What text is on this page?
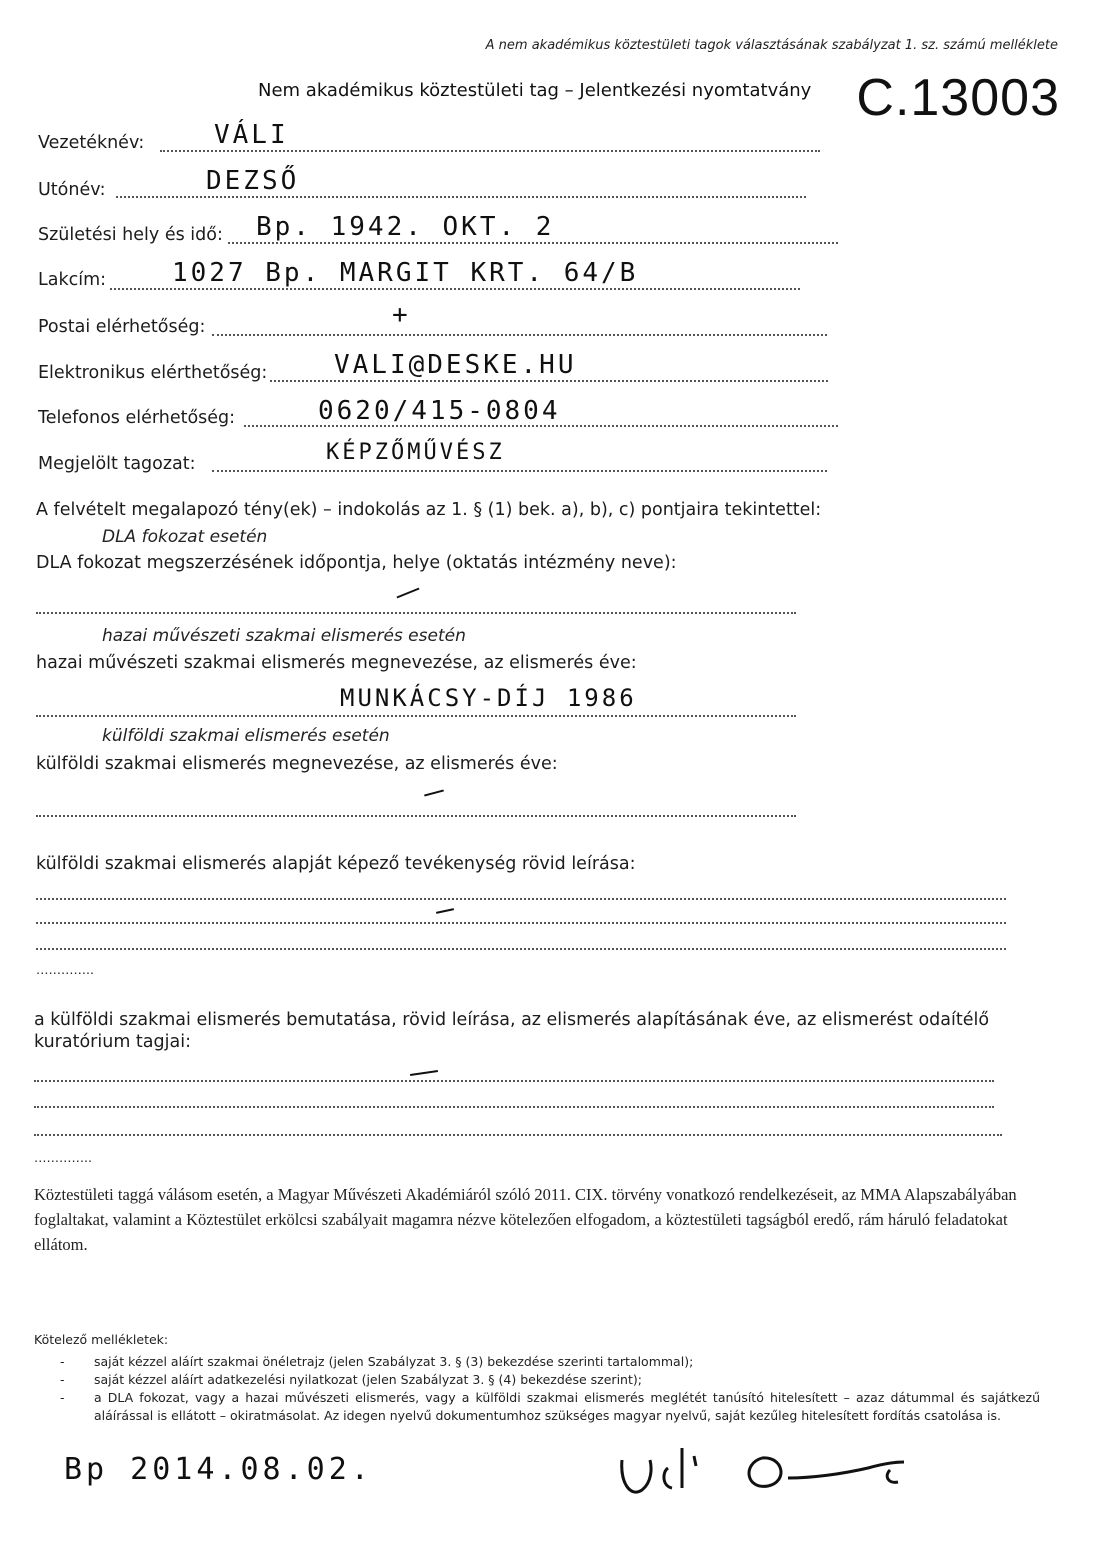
A nem akadémikus köztestületi tagok választásának szabályzat 1. sz. számú melléklete
C.13003
Nem akadémikus köztestületi tag – Jelentkezési nyomtatvány
Vezetéknév:	VÁLI
Utónév:	DEZSŐ
Születési hely és idő: Bp. 1942. OKT. 2
Lakcím:	1027 Bp. MARGIT KRT. 64/B
Postai elérhetőség:	+
Elektronikus elérthetőség:	VALI@DESKE.HU
Telefonos elérhetőség:	0620/415-0804
Megjelölt tagozat:	KÉPZŐMŰVÉSZ
A felvételt megalapozó tény(ek) – indokolás az 1. § (1) bek. a), b), c) pontjaira tekintettel:
DLA fokozat esetén
DLA fokozat megszerzésének időpontja, helye (oktatás intézmény neve):
hazai művészeti szakmai elismerés esetén
hazai művészeti szakmai elismerés megnevezése, az elismerés éve:
MUNKÁCSY-DÍJ 1986
külföldi szakmai elismerés esetén
külföldi szakmai elismerés megnevezése, az elismerés éve:
külföldi szakmai elismerés alapját képező tevékenység rövid leírása:
…………..
a külföldi szakmai elismerés bemutatása, rövid leírása, az elismerés alapításának éve, az elismerést odaítélő
kuratórium tagjai:
…………..
Köztestületi taggá válásom esetén, a Magyar Művészeti Akadémiáról szóló 2011. CIX. törvény vonatkozó rendelkezéseit, az MMA Alapszabályában foglaltakat, valamint a Köztestület erkölcsi szabályait magamra nézve kötelezően elfogadom, a köztestületi tagságból eredő, rám háruló feladatokat ellátom.
Kötelező mellékletek:
- saját kézzel aláírt szakmai önéletrajz (jelen Szabályzat 3. § (3) bekezdése szerinti tartalommal);
- saját kézzel aláírt adatkezelési nyilatkozat (jelen Szabályzat 3. § (4) bekezdése szerint);
- a DLA fokozat, vagy a hazai művészeti elismerés, vagy a külföldi szakmai elismerés meglétét tanúsító hitelesített – azaz dátummal és sajátkezű aláírással is ellátott – okiratmásolat. Az idegen nyelvű dokumentumhoz szükséges magyar nyelvű, saját kezűleg hitelesített fordítás csatolása is.
Bp 2014.08.02.
